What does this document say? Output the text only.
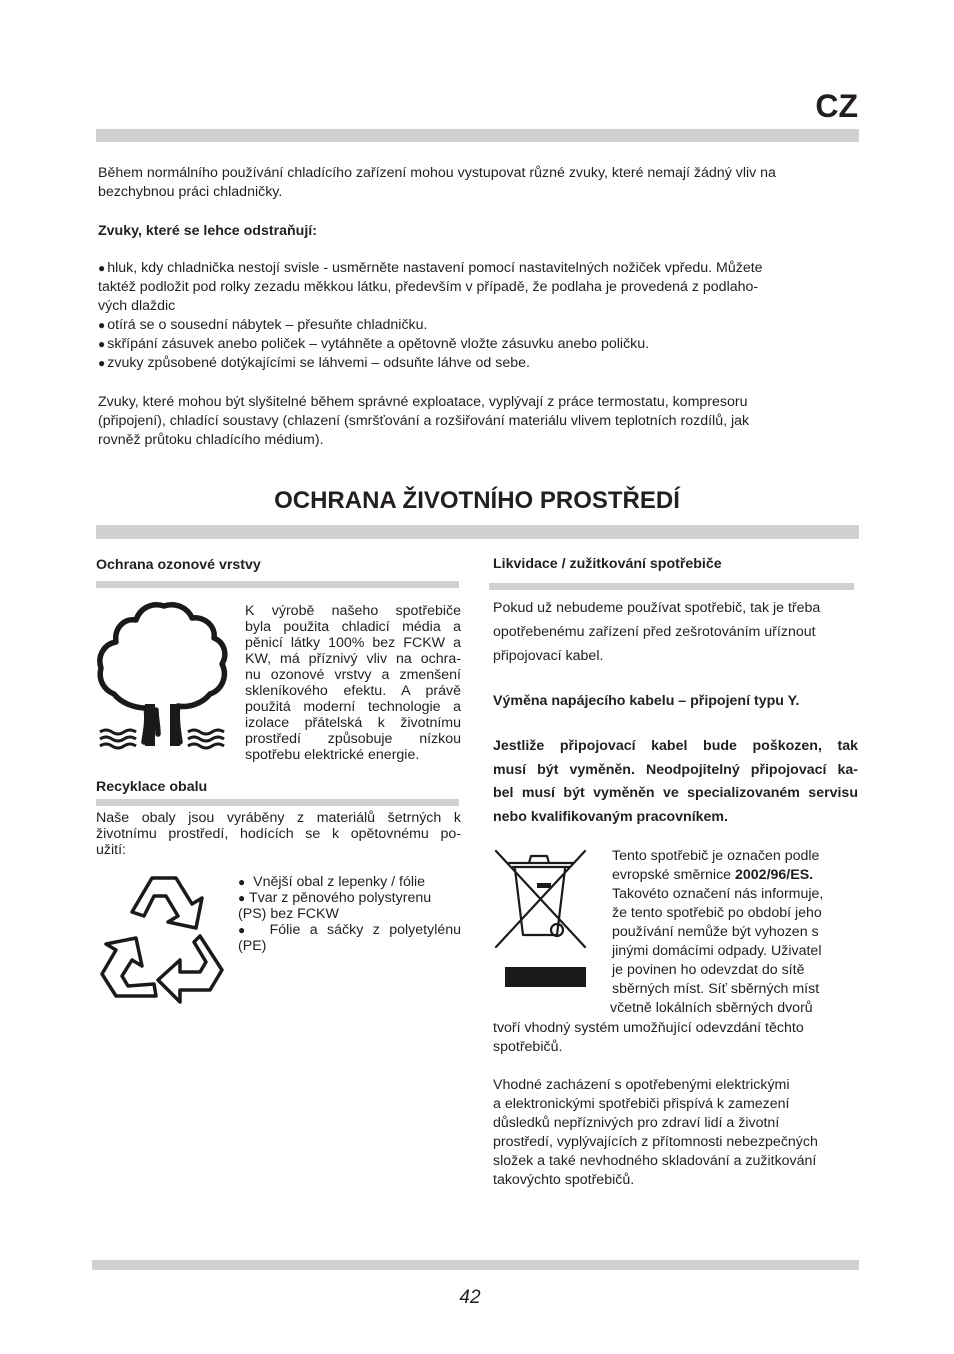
CZ

Během normálního používání chladícího zařízení mohou vystupovat různé zvuky, které nemají žádný vliv na

bezchybnou práci chladničky.

Zvuky, které se lehce odstraňují:

● hluk, kdy chladnička nestojí svisle - usměrněte nastavení pomocí nastavitelných nožiček vpředu. Můžete

taktéž podložit pod rolky zezadu měkkou látku, především v případě, že podlaha je provedená z podlaho-

vých dlaždic

● otírá se o sousední nábytek – přesuňte chladničku.

● skřípání zásuvek anebo poliček – vytáhněte a opětovně vložte zásuvku anebo poličku.

● zvuky způsobené dotýkajícími se láhvemi – odsuňte láhve od sebe.

Zvuky, které mohou být slyšitelné během správné exploatace, vyplývají z práce termostatu, kompresoru

(připojení), chladící soustavy (chlazení (smršťování a rozšiřování materiálu vlivem teplotních rozdílů, jak

rovněž průtoku chladícího médium).

OCHRANA ŽIVOTNÍHO PROSTŘEDÍ

Ochrana ozonové vrstvy

K výrobě našeho spotřebiče

byla použita chladicí média a

pěnicí látky 100% bez FCKW a

KW, má příznivý vliv na ochra-

nu ozonové vrstvy a zmenšení

skleníkového efektu. A právě

použitá moderní technologie a

izolace přátelská k životnímu

prostředí způsobuje nízkou

spotřebu elektrické energie.

Recyklace obalu

Naše obaly jsou vyráběny z materiálů šetrných k

životnímu prostředí, hodících se k opětovnému po-

užití:

● Vnější obal z lepenky / fólie

● Tvar z pěnového polystyrenu

(PS) bez FCKW

● Fólie a sáčky z polyetylénu

(PE)

Likvidace / zužitkování spotřebiče

Pokud už nebudeme používat spotřebič, tak je třeba

opotřebenému zařízení před zešrotováním uříznout

připojovací kabel.

Výměna napájecího kabelu – připojení typu Y.

Jestliže připojovací kabel bude poškozen, tak

musí být vyměněn. Neodpojitelný připojovací ka-

bel musí být vyměněn ve specializovaném servisu

nebo kvalifikovaným pracovníkem.

Tento spotřebič je označen podle

evropské směrnice 2002/96/ES.

Takovéto označení nás informuje,

že tento spotřebič po období jeho

používání nemůže být vyhozen s

jinými domácími odpady. Uživatel

je povinen ho odevzdat do sítě

sběrných míst. Síť sběrných míst

včetně lokálních sběrných dvorů

tvoří vhodný systém umožňující odevzdání těchto

spotřebičů.

Vhodné zacházení s opotřebenými elektrickými

a elektronickými spotřebiči přispívá k zamezení

důsledků nepříznivých pro zdraví lidí a životní

prostředí, vyplývajících z přítomnosti nebezpečných

složek a také nevhodného skladování a zužitkování

takovýchto spotřebičů.

42
